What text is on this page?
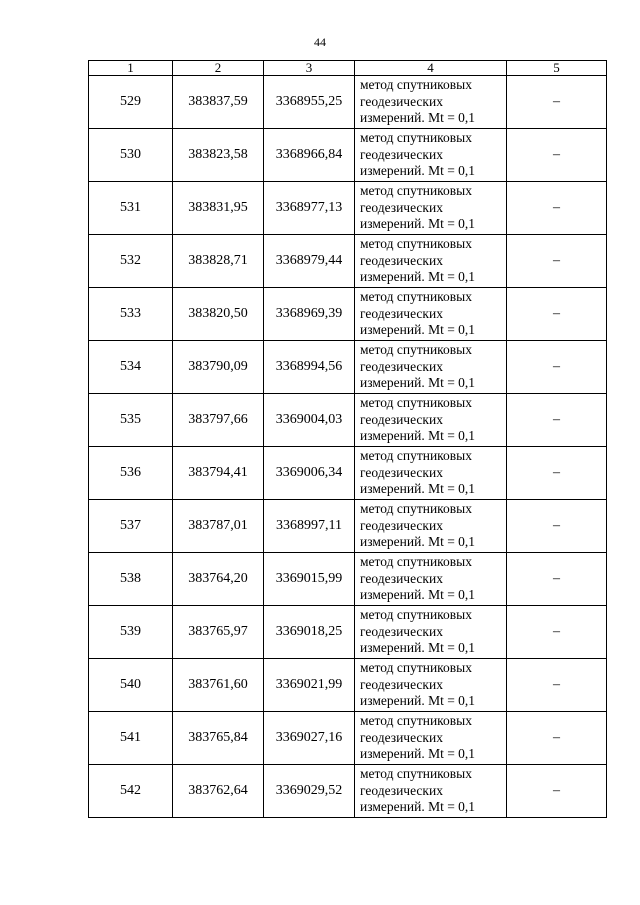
44
1	2	3	4	5
529	383837,59	3368955,25	метод спутниковых
геодезических
измерений. Mt = 0,1	–
530	383823,58	3368966,84	метод спутниковых
геодезических
измерений. Mt = 0,1	–
531	383831,95	3368977,13	метод спутниковых
геодезических
измерений. Mt = 0,1	–
532	383828,71	3368979,44	метод спутниковых
геодезических
измерений. Mt = 0,1	–
533	383820,50	3368969,39	метод спутниковых
геодезических
измерений. Mt = 0,1	–
534	383790,09	3368994,56	метод спутниковых
геодезических
измерений. Mt = 0,1	–
535	383797,66	3369004,03	метод спутниковых
геодезических
измерений. Mt = 0,1	–
536	383794,41	3369006,34	метод спутниковых
геодезических
измерений. Mt = 0,1	–
537	383787,01	3368997,11	метод спутниковых
геодезических
измерений. Mt = 0,1	–
538	383764,20	3369015,99	метод спутниковых
геодезических
измерений. Mt = 0,1	–
539	383765,97	3369018,25	метод спутниковых
геодезических
измерений. Mt = 0,1	–
540	383761,60	3369021,99	метод спутниковых
геодезических
измерений. Mt = 0,1	–
541	383765,84	3369027,16	метод спутниковых
геодезических
измерений. Mt = 0,1	–
542	383762,64	3369029,52	метод спутниковых
геодезических
измерений. Mt = 0,1	–
